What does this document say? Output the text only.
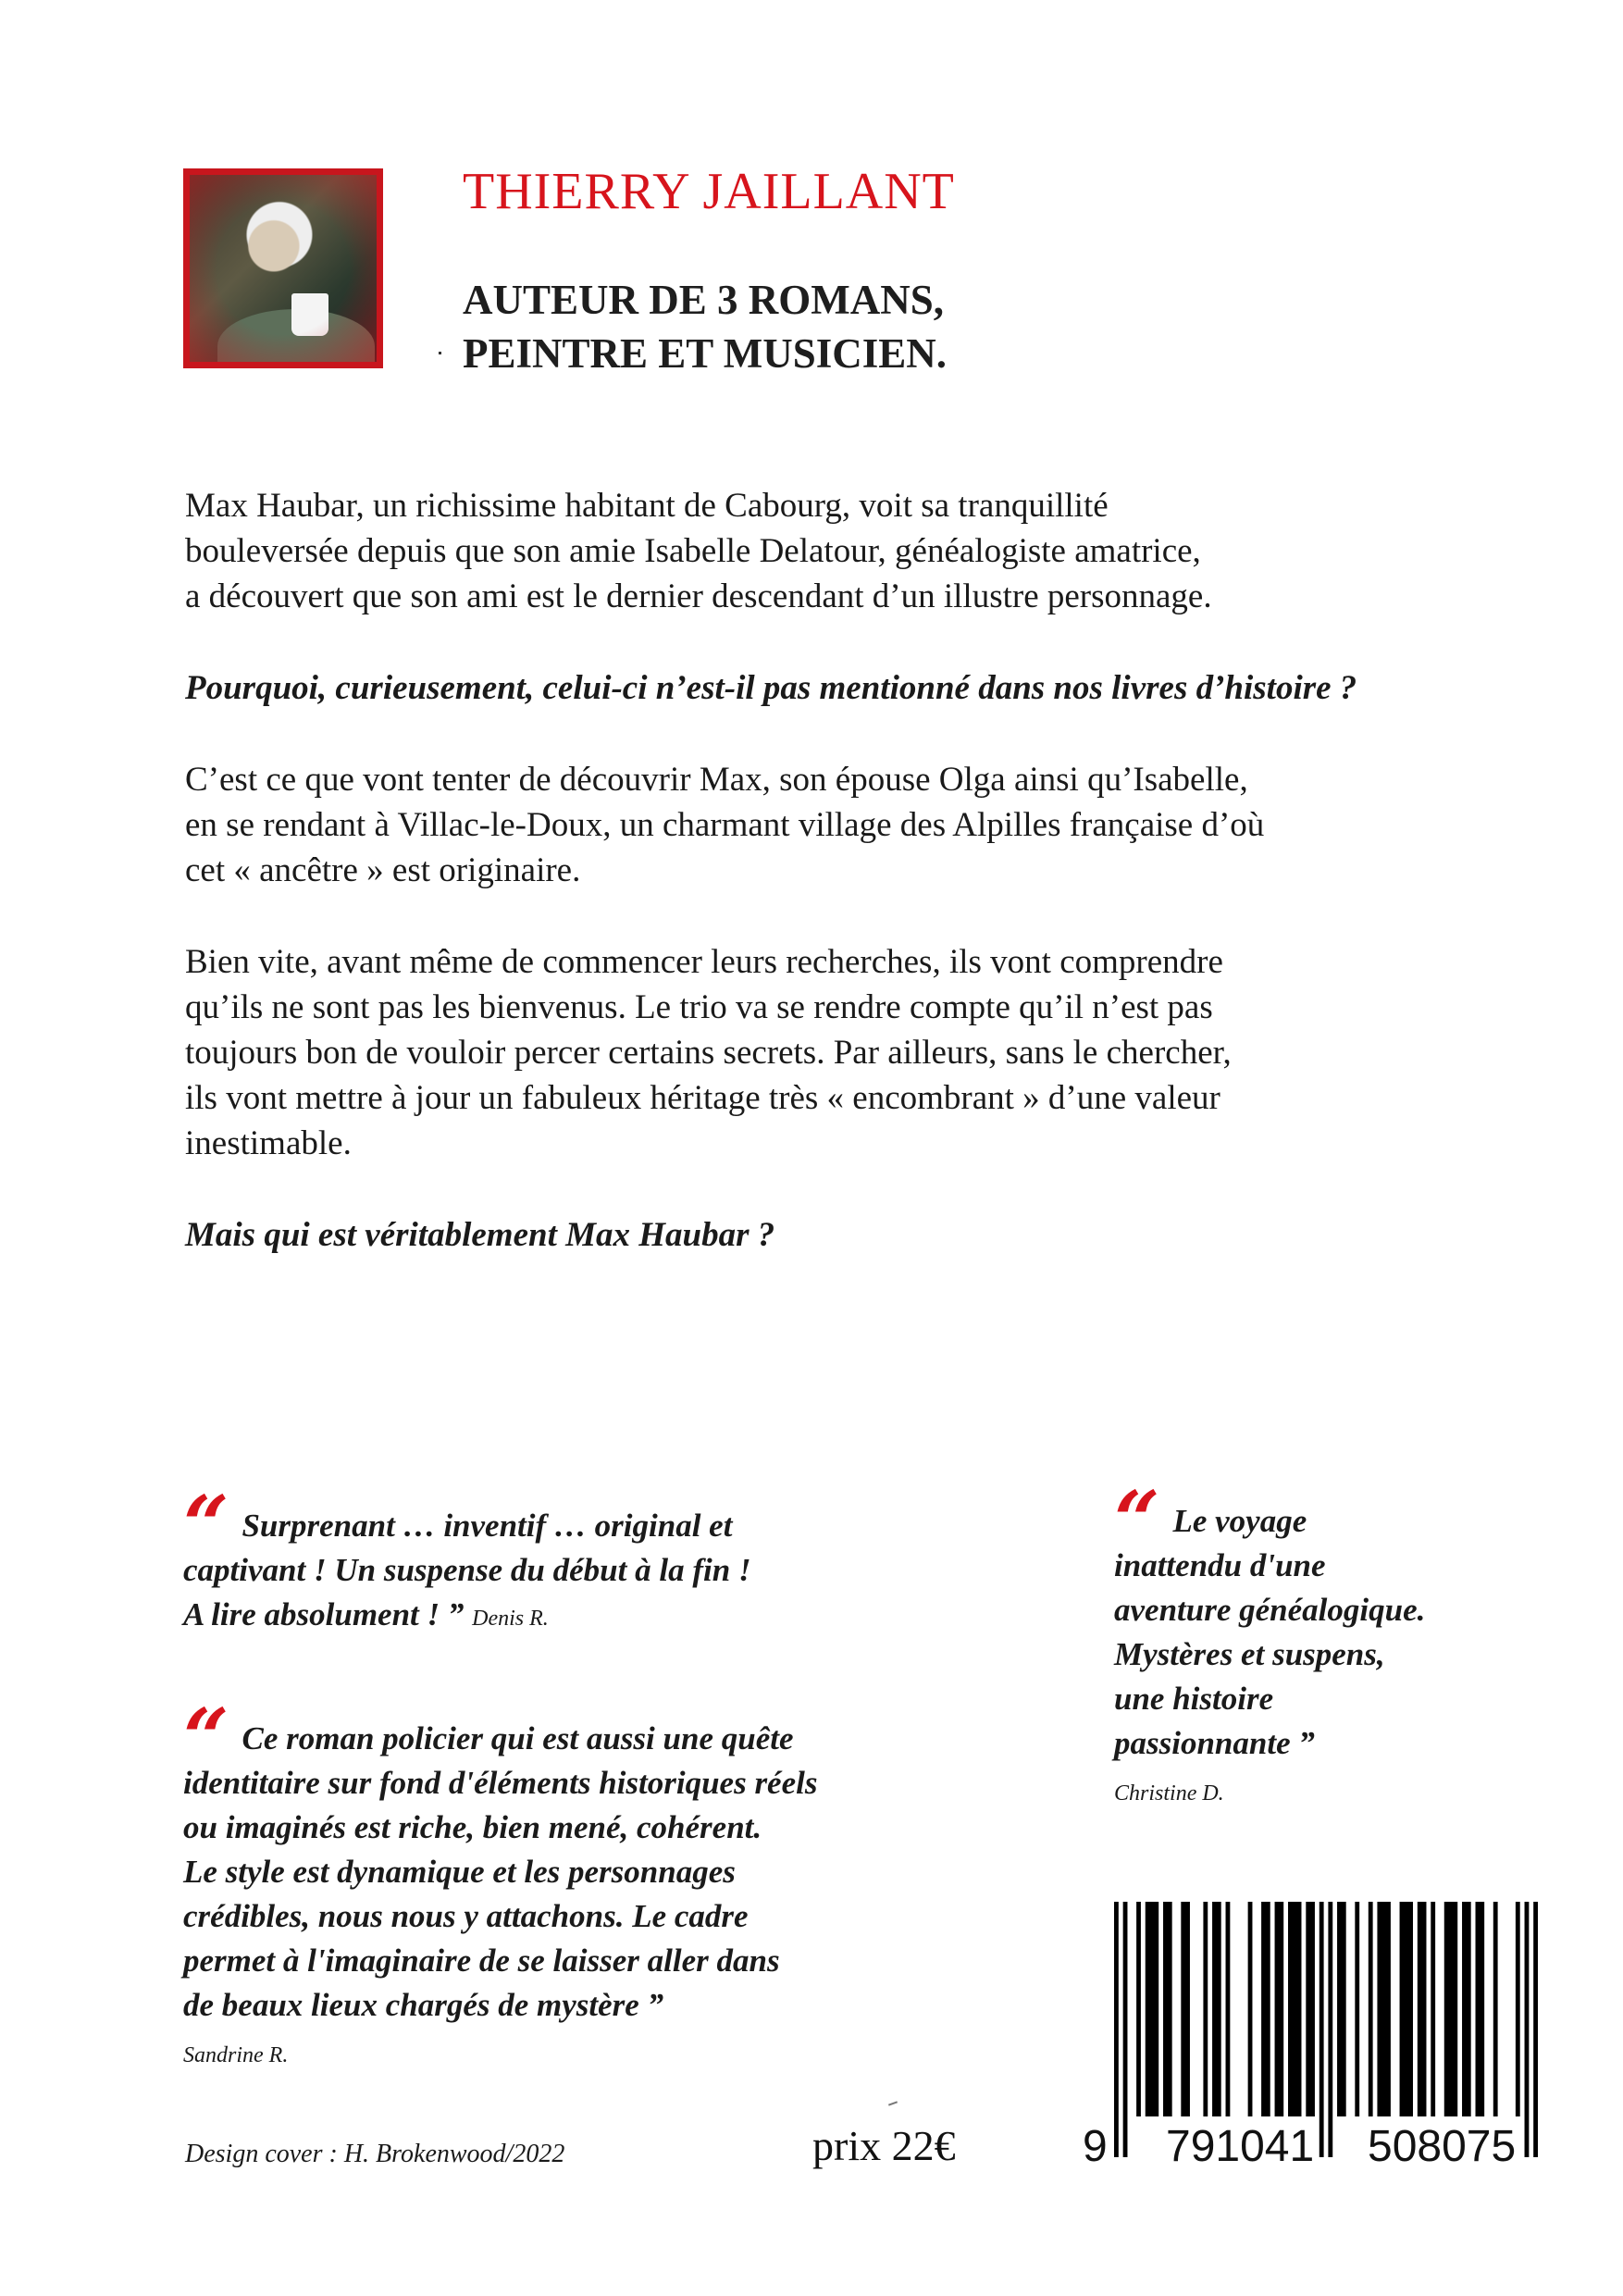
THIERRY JAILLANT
AUTEUR DE 3 ROMANS,
PEINTRE ET MUSICIEN.

Max Haubar, un richissime habitant de Cabourg, voit sa tranquillité
bouleversée depuis que son amie Isabelle Delatour, généalogiste amatrice,
a découvert que son ami est le dernier descendant d’un illustre personnage.

Pourquoi, curieusement, celui-ci n’est-il pas mentionné dans nos livres d’histoire ?

C’est ce que vont tenter de découvrir Max, son épouse Olga ainsi qu’Isabelle,
en se rendant à Villac-le-Doux, un charmant village des Alpilles française d’où
cet « ancêtre » est originaire.

Bien vite, avant même de commencer leurs recherches, ils vont comprendre
qu’ils ne sont pas les bienvenus. Le trio va se rendre compte qu’il n’est pas
toujours bon de vouloir percer certains secrets. Par ailleurs, sans le chercher,
ils vont mettre à jour un fabuleux héritage très « encombrant » d’une valeur
inestimable.

Mais qui est véritablement Max Haubar ?

“ Surprenant … inventif … original et
captivant ! Un suspense du début à la fin !
A lire absolument ! ” Denis R.
“ Ce roman policier qui est aussi une quête
identitaire sur fond d'éléments historiques réels
ou imaginés est riche, bien mené, cohérent.
Le style est dynamique et les personnages
crédibles, nous nous y attachons. Le cadre
permet à l'imaginaire de se laisser aller dans
de beaux lieux chargés de mystère ”
Sandrine R.
“ Le voyage
inattendu d'une
aventure généalogique.
Mystères et suspens,
une histoire
passionnante ”
Christine D.
9 791041 508075
Design cover : H. Brokenwood/2022	prix 22€
